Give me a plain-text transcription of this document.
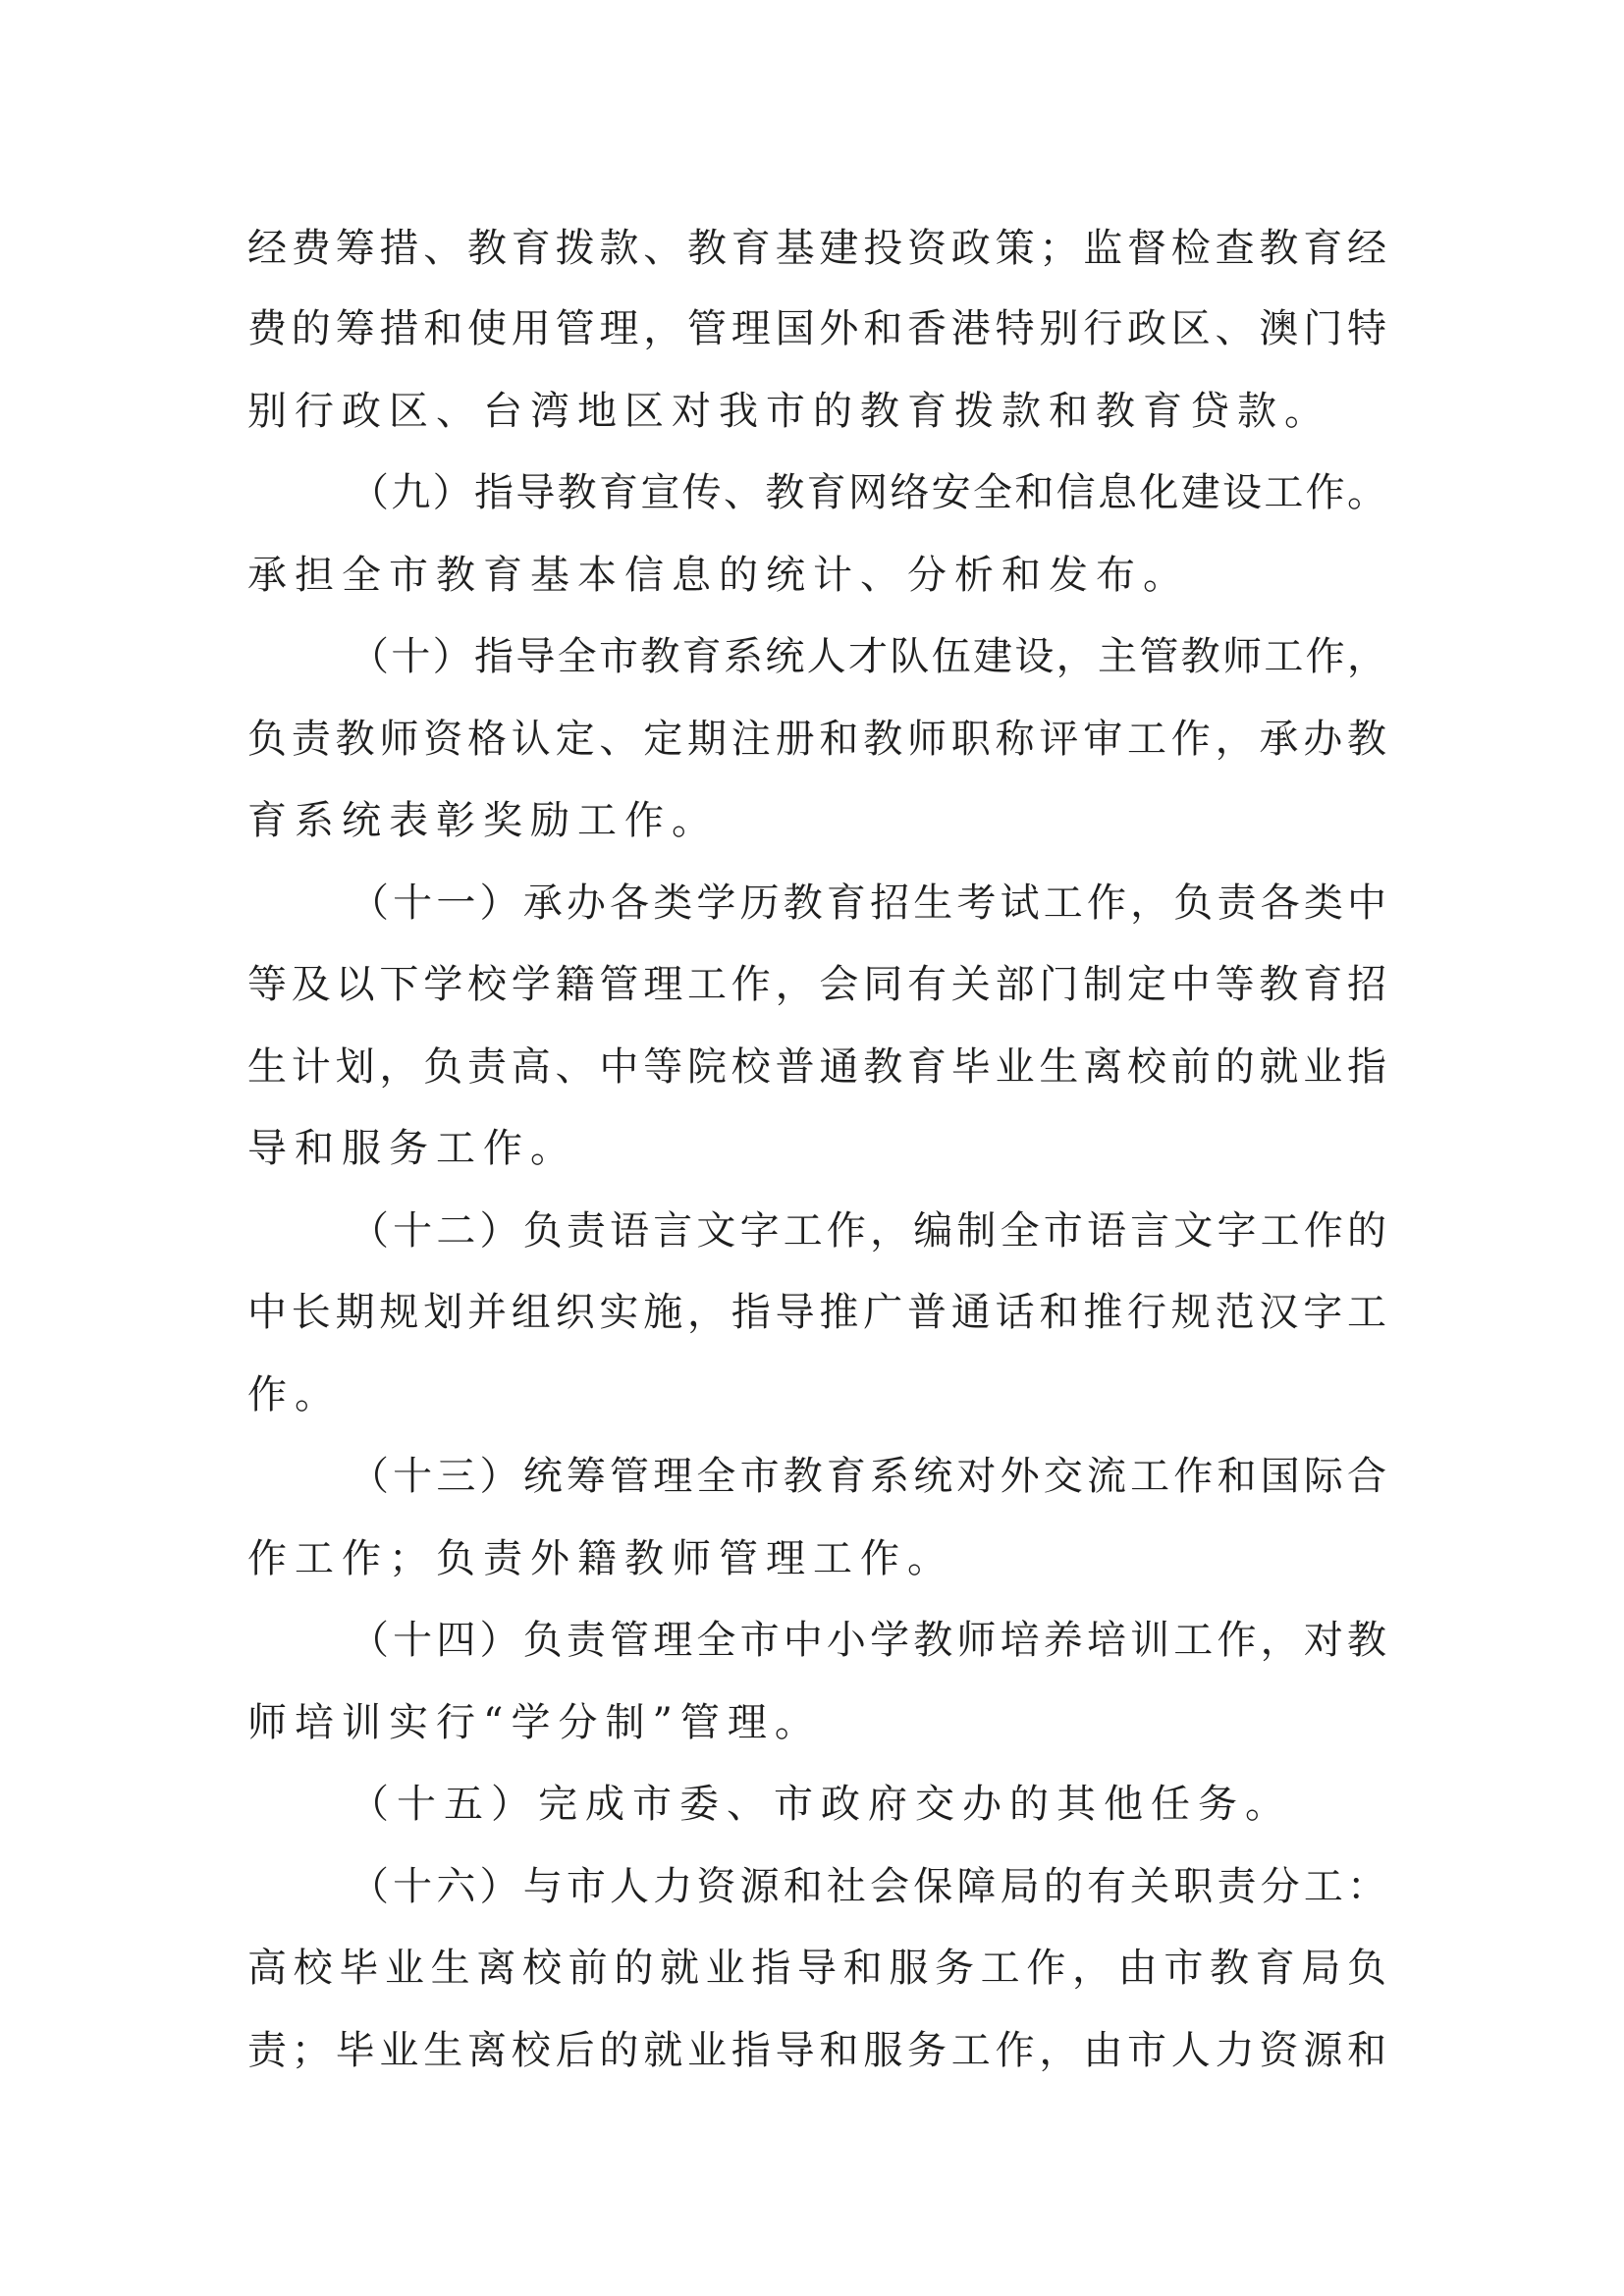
经费筹措、教育拨款、教育基建投资政策；监督检查教育经
费的筹措和使用管理，管理国外和香港特别行政区、澳门特
别行政区、台湾地区对我市的教育拨款和教育贷款。
（九）指导教育宣传、教育网络安全和信息化建设工作。
承担全市教育基本信息的统计、分析和发布。
（十）指导全市教育系统人才队伍建设，主管教师工作，
负责教师资格认定、定期注册和教师职称评审工作，承办教
育系统表彰奖励工作。
（十一）承办各类学历教育招生考试工作，负责各类中
等及以下学校学籍管理工作，会同有关部门制定中等教育招
生计划，负责高、中等院校普通教育毕业生离校前的就业指
导和服务工作。
（十二）负责语言文字工作，编制全市语言文字工作的
中长期规划并组织实施，指导推广普通话和推行规范汉字工
作。
（十三）统筹管理全市教育系统对外交流工作和国际合
作工作；负责外籍教师管理工作。
（十四）负责管理全市中小学教师培养培训工作，对教
师培训实行“学分制”管理。
（十五）完成市委、市政府交办的其他任务。
（十六）与市人力资源和社会保障局的有关职责分工：
高校毕业生离校前的就业指导和服务工作，由市教育局负
责；毕业生离校后的就业指导和服务工作，由市人力资源和
